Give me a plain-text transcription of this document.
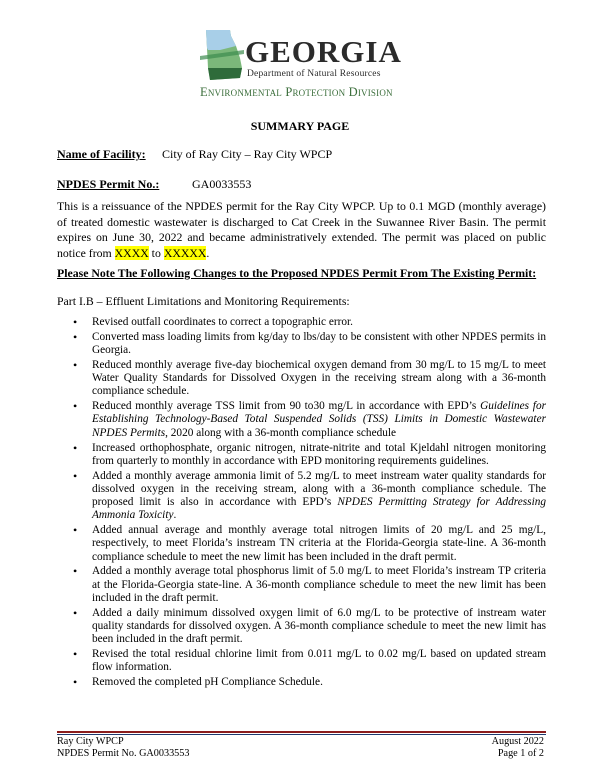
GEORGIA
Department of Natural Resources
Environmental Protection Division
SUMMARY PAGE
Name of Facility: City of Ray City – Ray City WPCP
NPDES Permit No.:	GA0033553
This is a reissuance of the NPDES permit for the Ray City WPCP. Up to 0.1 MGD (monthly average) of treated domestic wastewater is discharged to Cat Creek in the Suwannee River Basin. The permit expires on June 30, 2022 and became administratively extended. The permit was placed on public notice from XXXX to XXXXX.
Please Note The Following Changes to the Proposed NPDES Permit From The Existing Permit:
Part I.B – Effluent Limitations and Monitoring Requirements:
• Revised outfall coordinates to correct a topographic error.
• Converted mass loading limits from kg/day to lbs/day to be consistent with other NPDES permits in Georgia.
• Reduced monthly average five-day biochemical oxygen demand from 30 mg/L to 15 mg/L to meet Water Quality Standards for Dissolved Oxygen in the receiving stream along with a 36-month compliance schedule.
• Reduced monthly average TSS limit from 90 to30 mg/L in accordance with EPD’s Guidelines for Establishing Technology-Based Total Suspended Solids (TSS) Limits in Domestic Wastewater NPDES Permits, 2020 along with a 36-month compliance schedule
• Increased orthophosphate, organic nitrogen, nitrate-nitrite and total Kjeldahl nitrogen monitoring from quarterly to monthly in accordance with EPD monitoring requirements guidelines.
• Added a monthly average ammonia limit of 5.2 mg/L to meet instream water quality standards for dissolved oxygen in the receiving stream, along with a 36-month compliance schedule. The proposed limit is also in accordance with EPD’s NPDES Permitting Strategy for Addressing Ammonia Toxicity.
• Added annual average and monthly average total nitrogen limits of 20 mg/L and 25 mg/L, respectively, to meet Florida’s instream TN criteria at the Florida-Georgia state-line. A 36-month compliance schedule to meet the new limit has been included in the draft permit.
• Added a monthly average total phosphorus limit of 5.0 mg/L to meet Florida’s instream TP criteria at the Florida-Georgia state-line. A 36-month compliance schedule to meet the new limit has been included in the draft permit.
• Added a daily minimum dissolved oxygen limit of 6.0 mg/L to be protective of instream water quality standards for dissolved oxygen. A 36-month compliance schedule to meet the new limit has been included in the draft permit.
• Revised the total residual chlorine limit from 0.011 mg/L to 0.02 mg/L based on updated stream flow information.
• Removed the completed pH Compliance Schedule.
Ray City WPCP
NPDES Permit No. GA0033553
August 2022
Page 1 of 2
